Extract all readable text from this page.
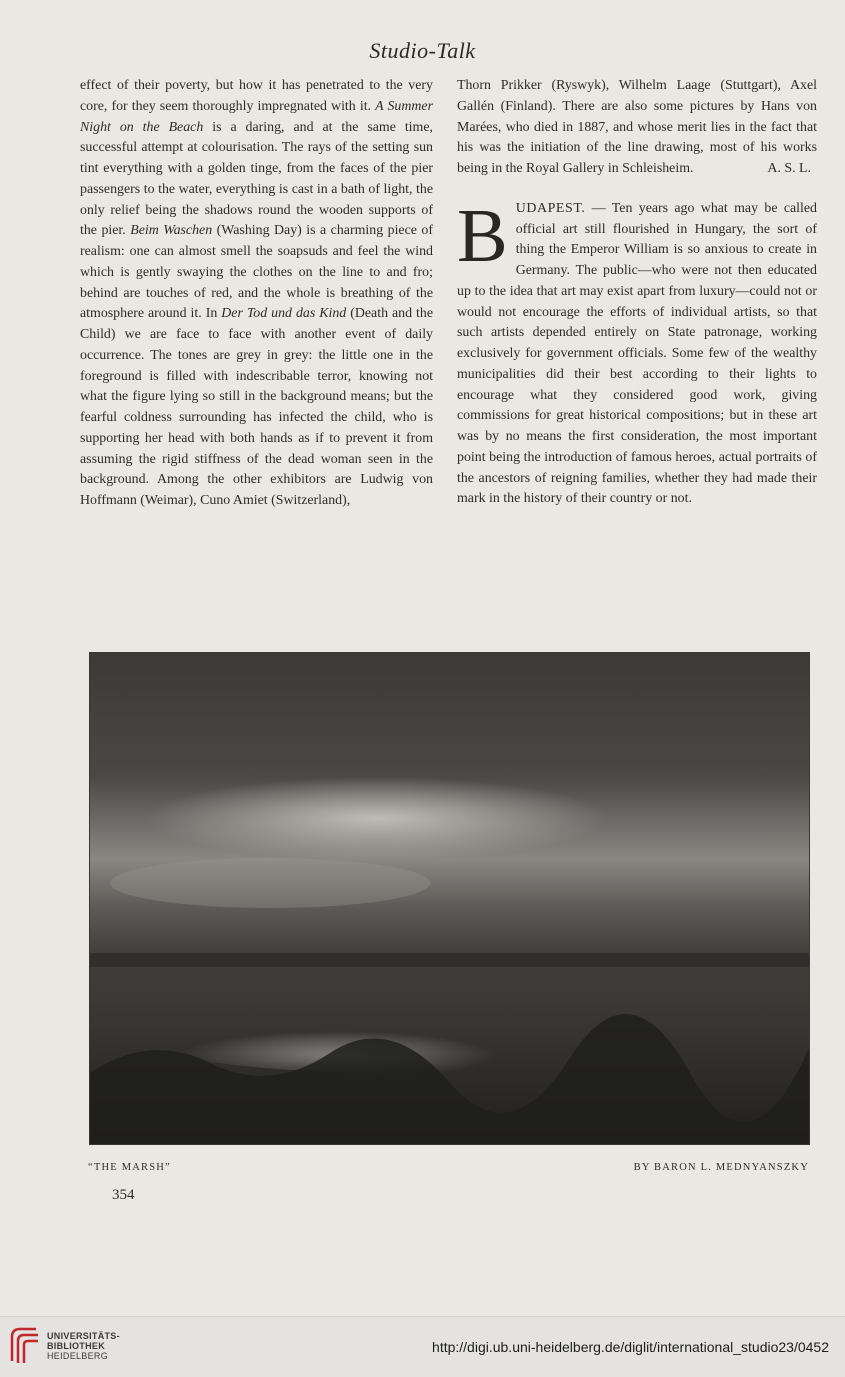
Studio-Talk

effect of their poverty, but how it has penetrated to the very core, for they seem thoroughly impregnated with it. A Summer Night on the Beach is a daring, and at the same time, successful attempt at colourisation. The rays of the setting sun tint everything with a golden tinge, from the faces of the pier passengers to the water, everything is cast in a bath of light, the only relief being the shadows round the wooden supports of the pier. Beim Waschen (Washing Day) is a charming piece of realism: one can almost smell the soapsuds and feel the wind which is gently swaying the clothes on the line to and fro; behind are touches of red, and the whole is breathing of the atmosphere around it. In Der Tod und das Kind (Death and the Child) we are face to face with another event of daily occurrence. The tones are grey in grey: the little one in the foreground is filled with indescribable terror, knowing not what the figure lying so still in the background means; but the fearful coldness surrounding has infected the child, who is supporting her head with both hands as if to prevent it from assuming the rigid stiffness of the dead woman seen in the background. Among the other exhibitors are Ludwig von Hoffmann (Weimar), Cuno Amiet (Switzerland),

Thorn Prikker (Ryswyk), Wilhelm Laage (Stuttgart), Axel Gallén (Finland). There are also some pictures by Hans von Marées, who died in 1887, and whose merit lies in the fact that his was the initiation of the line drawing, most of his works being in the Royal Gallery in Schleisheim.	A. S. L.

BUDAPEST. — Ten years ago what may be called official art still flourished in Hungary, the sort of thing the Emperor William is so anxious to create in Germany. The public—who were not then educated up to the idea that art may exist apart from luxury—could not or would not encourage the efforts of individual artists, so that such artists depended entirely on State patronage, working exclusively for government officials. Some few of the wealthy municipalities did their best according to their lights to encourage what they considered good work, giving commissions for great historical compositions; but in these art was by no means the first consideration, the most important point being the introduction of famous heroes, actual portraits of the ancestors of reigning families, whether they had made their mark in the history of their country or not.

“THE MARSH”	BY BARON L. MEDNYANSZKY
354
UNIVERSITÄTS-
BIBLIOTHEK
HEIDELBERG
http://digi.ub.uni-heidelberg.de/diglit/international_studio23/0452
